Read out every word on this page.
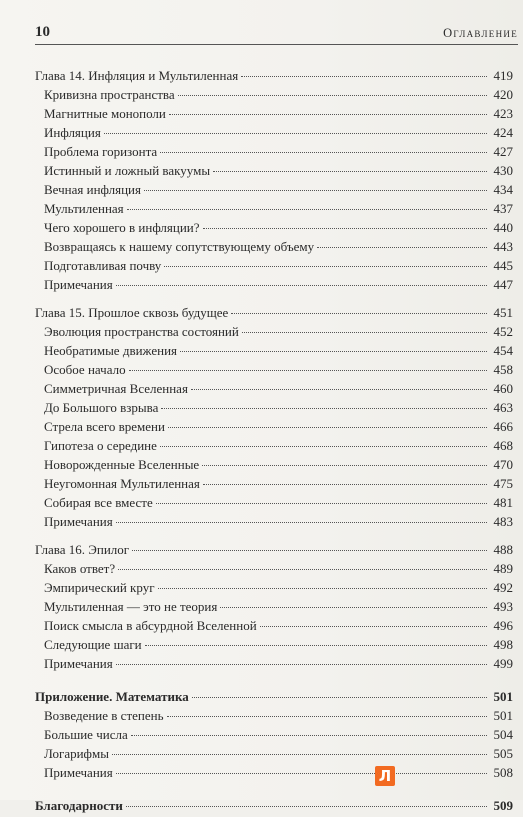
10	Оглавление
Глава 14. Инфляция и Мультиленная	419
Кривизна пространства	420
Магнитные монополи	423
Инфляция	424
Проблема горизонта	427
Истинный и ложный вакуумы	430
Вечная инфляция	434
Мультиленная	437
Чего хорошего в инфляции?	440
Возвращаясь к нашему сопутствующему объему	443
Подготавливая почву	445
Примечания	447
Глава 15. Прошлое сквозь будущее	451
Эволюция пространства состояний	452
Необратимые движения	454
Особое начало	458
Симметричная Вселенная	460
До Большого взрыва	463
Стрела всего времени	466
Гипотеза о середине	468
Новорожденные Вселенные	470
Неугомонная Мультиленная	475
Собирая все вместе	481
Примечания	483
Глава 16. Эпилог	488
Каков ответ?	489
Эмпирический круг	492
Мультиленная — это не теория	493
Поиск смысла в абсурдной Вселенной	496
Следующие шаги	498
Примечания	499
Приложение. Математика	501
Возведение в степень	501
Большие числа	504
Логарифмы	505
Примечания	508
Благодарности	509
Л
